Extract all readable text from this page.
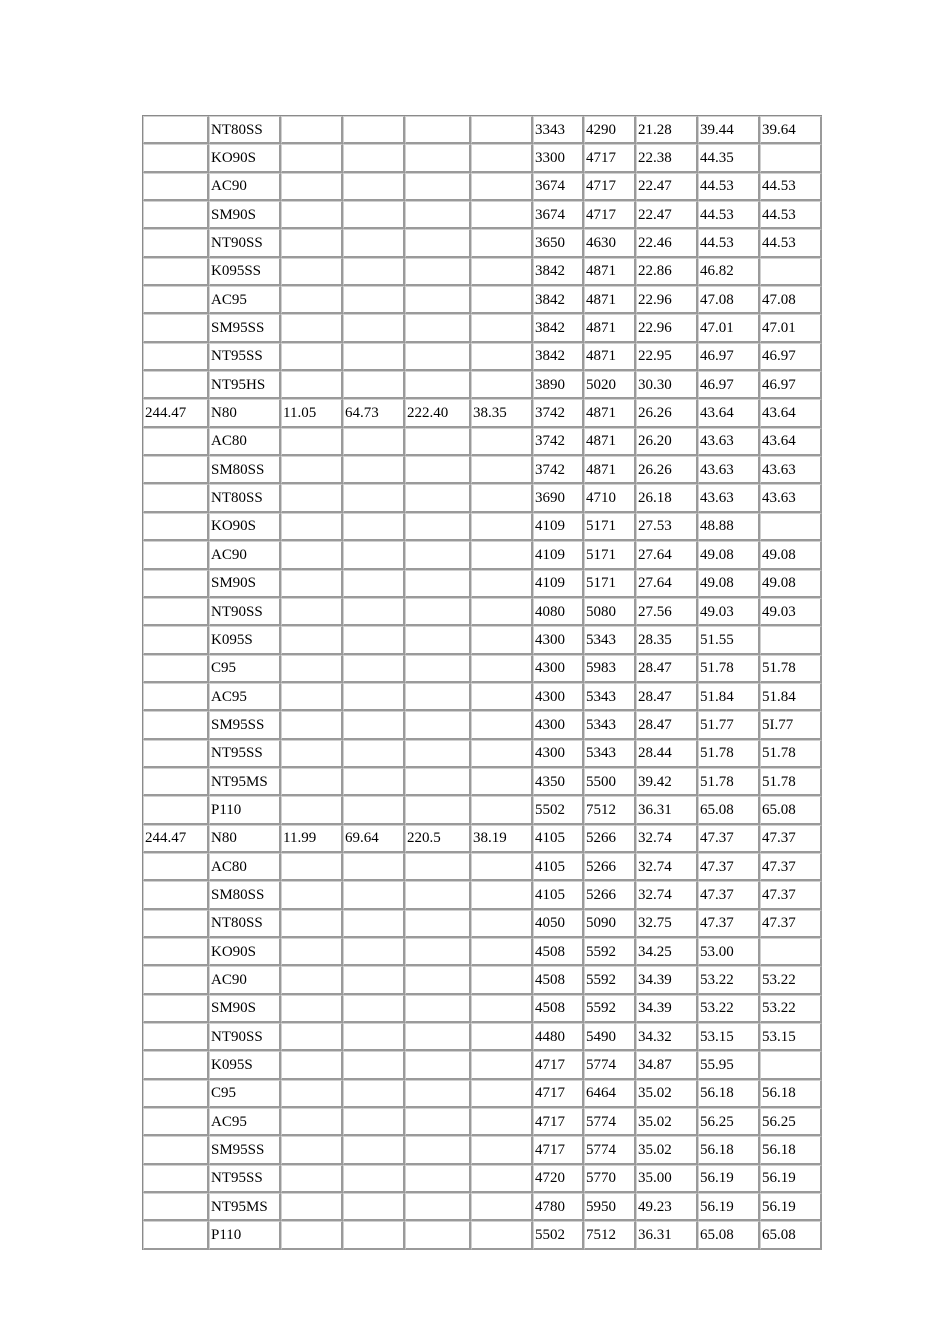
	NT80SS					3343	4290	21.28	39.44	39.64
	KO90S					3300	4717	22.38	44.35	
	AC90					3674	4717	22.47	44.53	44.53
	SM90S					3674	4717	22.47	44.53	44.53
	NT90SS					3650	4630	22.46	44.53	44.53
	K095SS					3842	4871	22.86	46.82	
	AC95					3842	4871	22.96	47.08	47.08
	SM95SS					3842	4871	22.96	47.01	47.01
	NT95SS					3842	4871	22.95	46.97	46.97
	NT95HS					3890	5020	30.30	46.97	46.97
244.47	N80	11.05	64.73	222.40	38.35	3742	4871	26.26	43.64	43.64
	AC80					3742	4871	26.20	43.63	43.64
	SM80SS					3742	4871	26.26	43.63	43.63
	NT80SS					3690	4710	26.18	43.63	43.63
	KO90S					4109	5171	27.53	48.88	
	AC90					4109	5171	27.64	49.08	49.08
	SM90S					4109	5171	27.64	49.08	49.08
	NT90SS					4080	5080	27.56	49.03	49.03
	K095S					4300	5343	28.35	51.55	
	C95					4300	5983	28.47	51.78	51.78
	AC95					4300	5343	28.47	51.84	51.84
	SM95SS					4300	5343	28.47	51.77	5I.77
	NT95SS					4300	5343	28.44	51.78	51.78
	NT95MS					4350	5500	39.42	51.78	51.78
	P110					5502	7512	36.31	65.08	65.08
244.47	N80	11.99	69.64	220.5	38.19	4105	5266	32.74	47.37	47.37
	AC80					4105	5266	32.74	47.37	47.37
	SM80SS					4105	5266	32.74	47.37	47.37
	NT80SS					4050	5090	32.75	47.37	47.37
	KO90S					4508	5592	34.25	53.00	
	AC90					4508	5592	34.39	53.22	53.22
	SM90S					4508	5592	34.39	53.22	53.22
	NT90SS					4480	5490	34.32	53.15	53.15
	K095S					4717	5774	34.87	55.95	
	C95					4717	6464	35.02	56.18	56.18
	AC95					4717	5774	35.02	56.25	56.25
	SM95SS					4717	5774	35.02	56.18	56.18
	NT95SS					4720	5770	35.00	56.19	56.19
	NT95MS					4780	5950	49.23	56.19	56.19
	P110					5502	7512	36.31	65.08	65.08
